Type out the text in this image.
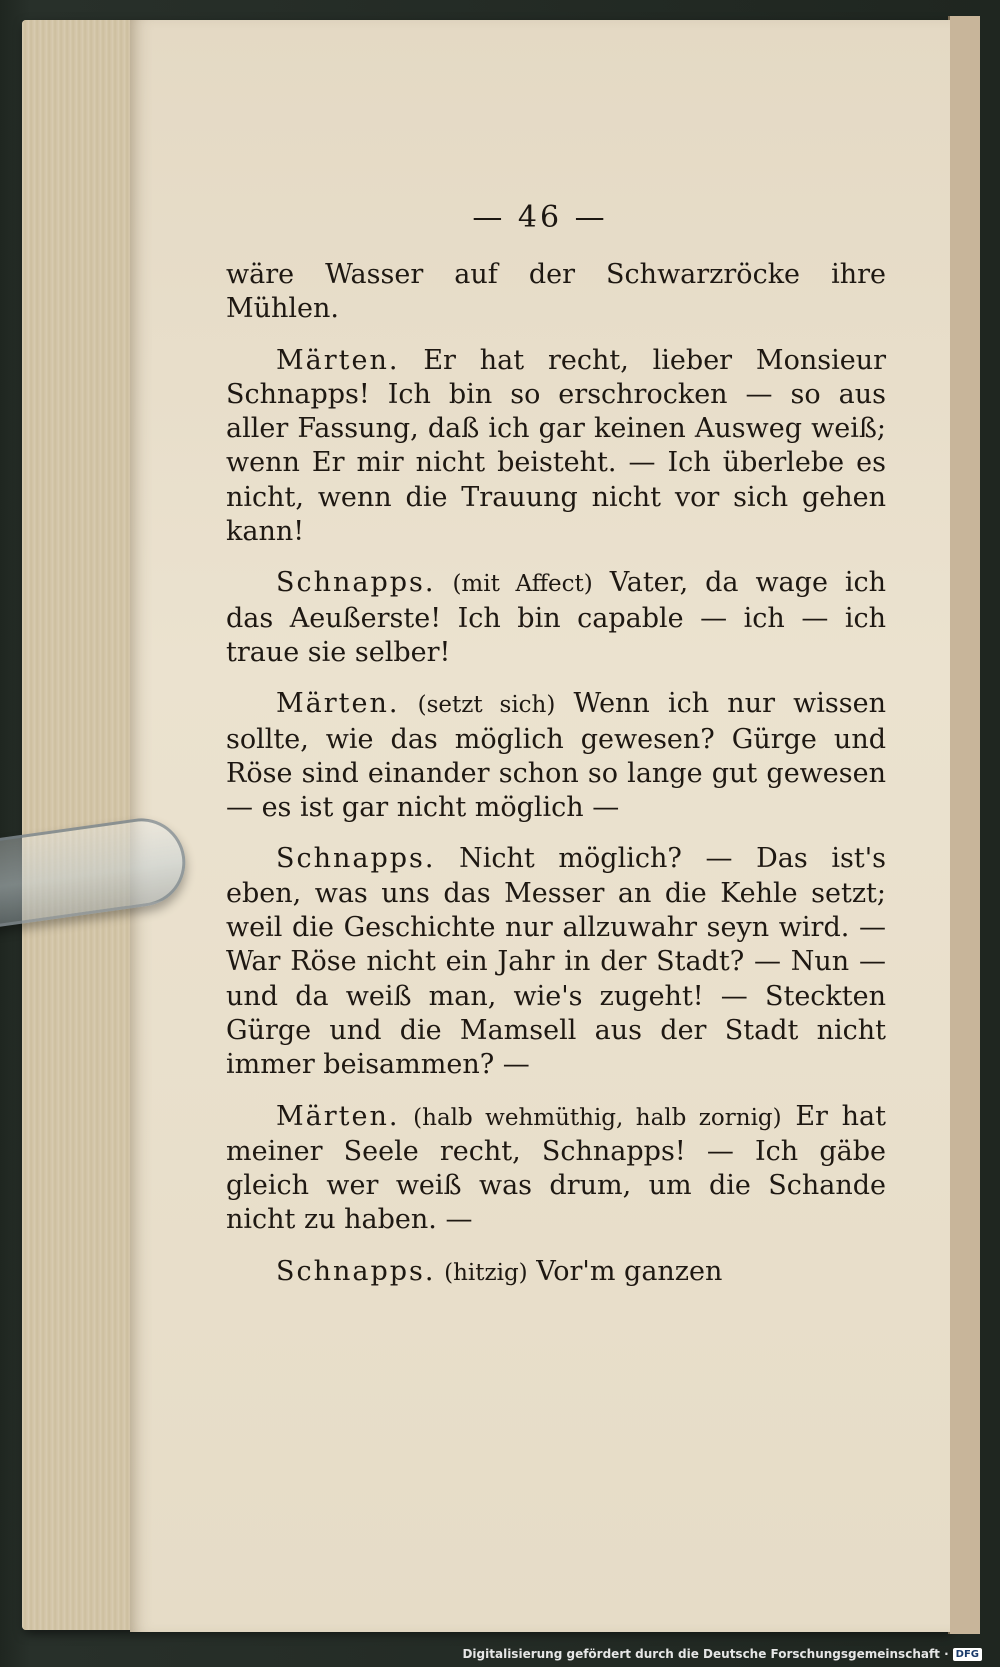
— 46 —

wäre Wasser auf der Schwarzröcke ihre Mühlen.

Märten. Er hat recht, lieber Monsieur Schnapps! Ich bin so erschrocken — so aus aller Fassung, daß ich gar keinen Ausweg weiß; wenn Er mir nicht beisteht. — Ich überlebe es nicht, wenn die Trauung nicht vor sich gehen kann!

Schnapps. (mit Affect) Vater, da wage ich das Aeußerste! Ich bin capable — ich — ich traue sie selber!

Märten. (setzt sich) Wenn ich nur wissen sollte, wie das möglich gewesen? Gürge und Röse sind einander schon so lange gut gewesen — es ist gar nicht möglich —

Schnapps. Nicht möglich? — Das ist's eben, was uns das Messer an die Kehle setzt; weil die Geschichte nur allzuwahr seyn wird. — War Röse nicht ein Jahr in der Stadt? — Nun — und da weiß man, wie's zugeht! — Steckten Gürge und die Mamsell aus der Stadt nicht immer beisammen? —

Märten. (halb wehmüthig, halb zornig) Er hat meiner Seele recht, Schnapps! — Ich gäbe gleich wer weiß was drum, um die Schande nicht zu haben. —

Schnapps. (hitzig) Vor'm ganzen

Digitalisierung gefördert durch die Deutsche Forschungsgemeinschaft · DFG
